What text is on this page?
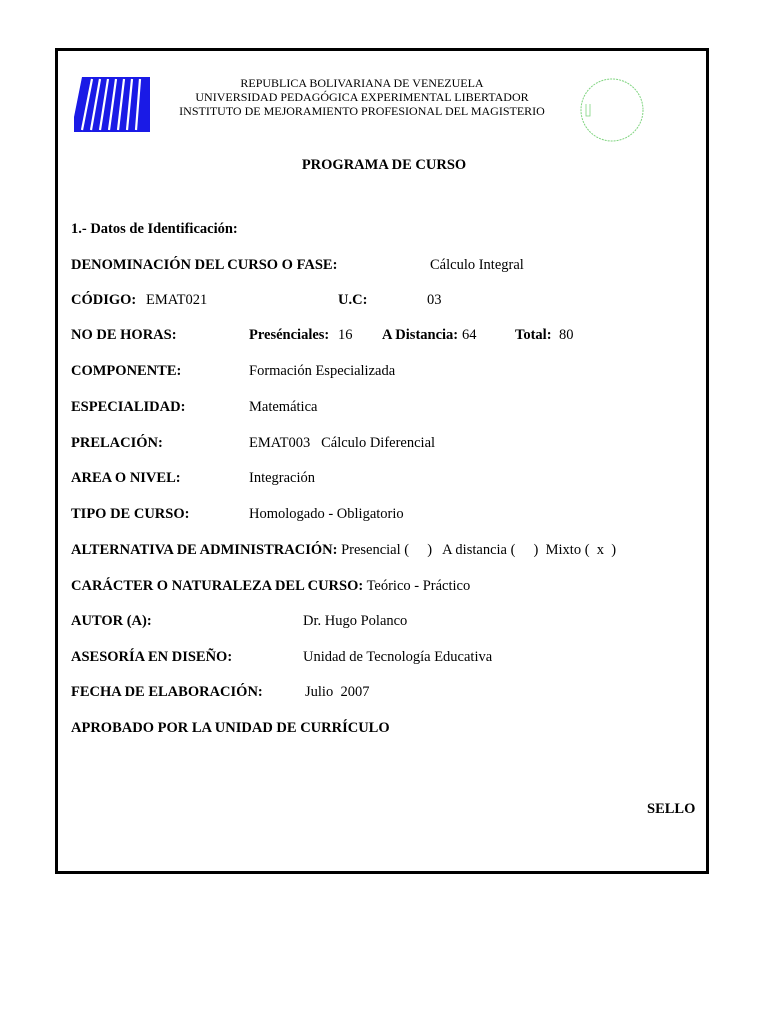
REPUBLICA BOLIVARIANA DE VENEZUELA
UNIVERSIDAD PEDAGÓGICA EXPERIMENTAL LIBERTADOR
INSTITUTO DE MEJORAMIENTO PROFESIONAL DEL MAGISTERIO
PROGRAMA DE CURSO
1.- Datos de Identificación:
DENOMINACIÓN DEL CURSO O FASE:	Cálculo Integral
CÓDIGO: EMAT021	U.C:	03
NO DE HORAS:	Presénciales: 16 A Distancia: 64	Total: 80
COMPONENTE:	Formación Especializada
ESPECIALIDAD:	Matemática
PRELACIÓN:	EMAT003   Cálculo Diferencial
AREA O NIVEL:	Integración
TIPO DE CURSO:	Homologado - Obligatorio
ALTERNATIVA DE ADMINISTRACIÓN: Presencial (     )   A distancia (     )  Mixto (  x  )
CARÁCTER O NATURALEZA DEL CURSO: Teórico - Práctico
AUTOR (A):	Dr. Hugo Polanco
ASESORÍA EN DISEÑO:	Unidad de Tecnología Educativa
FECHA DE ELABORACIÓN:	Julio  2007
APROBADO POR LA UNIDAD DE CURRÍCULO
SELLO
